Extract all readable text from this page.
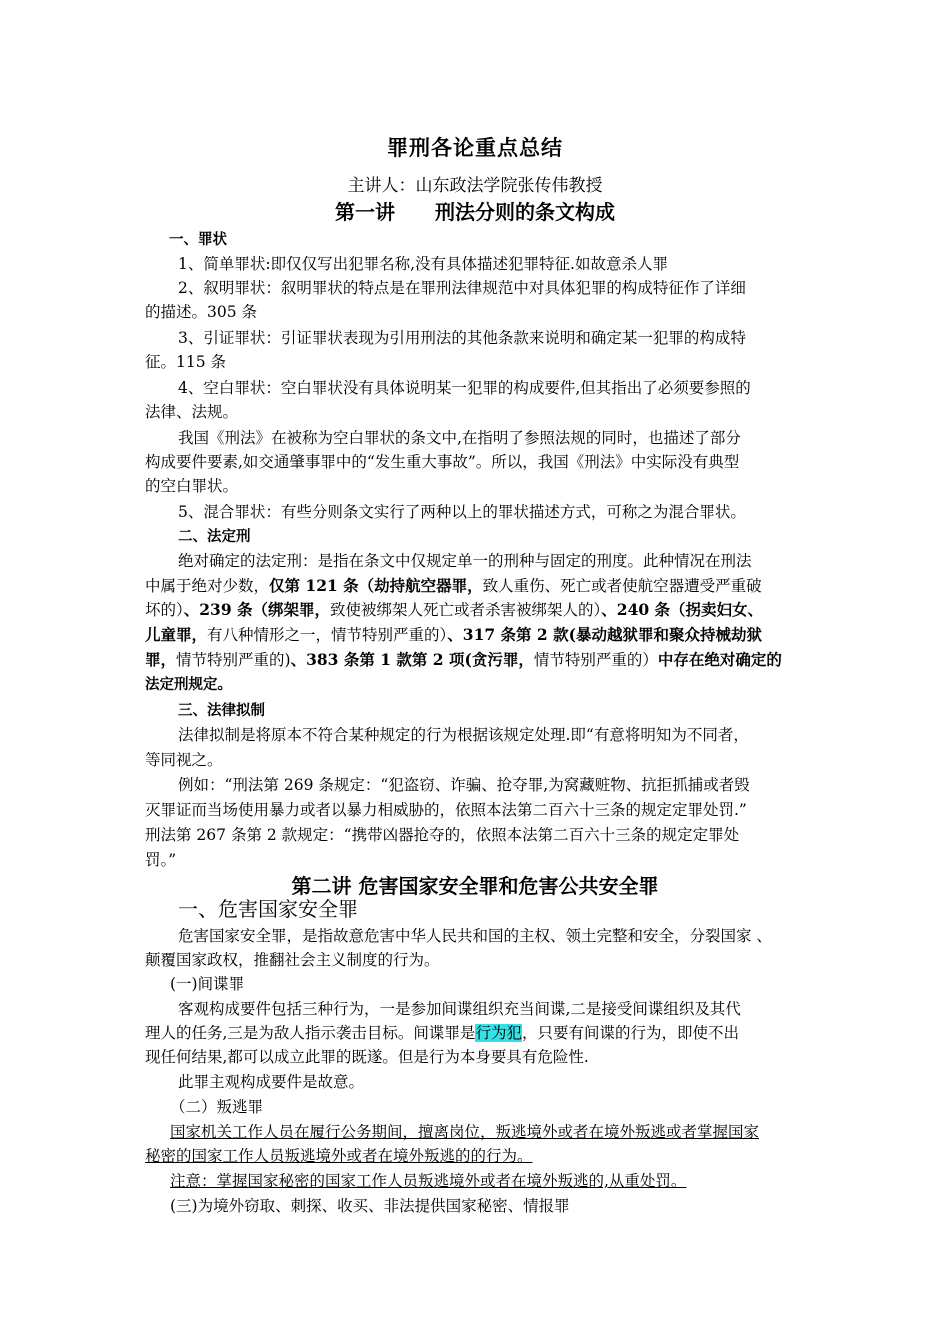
罪刑各论重点总结
主讲人：山东政法学院张传伟教授
第一讲　　刑法分则的条文构成
一、罪状
1、简单罪状:即仅仅写出犯罪名称,没有具体描述犯罪特征.如故意杀人罪
2、叙明罪状：叙明罪状的特点是在罪刑法律规范中对具体犯罪的构成特征作了详细
的描述。305 条
3、引证罪状：引证罪状表现为引用刑法的其他条款来说明和确定某一犯罪的构成特
征。115 条
4、空白罪状：空白罪状没有具体说明某一犯罪的构成要件,但其指出了必须要参照的
法律、法规。
我国《刑法》在被称为空白罪状的条文中,在指明了参照法规的同时，也描述了部分
构成要件要素,如交通肇事罪中的“发生重大事故”。所以，我国《刑法》中实际没有典型
的空白罪状。
5、混合罪状：有些分则条文实行了两种以上的罪状描述方式，可称之为混合罪状。
二、法定刑
绝对确定的法定刑：是指在条文中仅规定单一的刑种与固定的刑度。此种情况在刑法
中属于绝对少数，仅第 121 条（劫持航空器罪，致人重伤、死亡或者使航空器遭受严重破
坏的）、239 条（绑架罪，致使被绑架人死亡或者杀害被绑架人的）、240 条（拐卖妇女、
儿童罪，有八种情形之一，情节特别严重的）、317 条第 2 款(暴动越狱罪和聚众持械劫狱
罪，情节特别严重的)、383 条第 1 款第 2 项(贪污罪，情节特别严重的）中存在绝对确定的
法定刑规定。
三、法律拟制
法律拟制是将原本不符合某种规定的行为根据该规定处理.即“有意将明知为不同者，
等同视之。
例如：“刑法第 269 条规定：“犯盗窃、诈骗、抢夺罪,为窝藏赃物、抗拒抓捕或者毁
灭罪证而当场使用暴力或者以暴力相威胁的，依照本法第二百六十三条的规定定罪处罚.”
刑法第 267 条第 2 款规定：“携带凶器抢夺的，依照本法第二百六十三条的规定定罪处
罚。”
第二讲 危害国家安全罪和危害公共安全罪
一、危害国家安全罪
危害国家安全罪，是指故意危害中华人民共和国的主权、领土完整和安全，分裂国家 、
颠覆国家政权，推翻社会主义制度的行为。
(一)间谍罪
客观构成要件包括三种行为，一是参加间谍组织充当间谍,二是接受间谍组织及其代
理人的任务,三是为敌人指示袭击目标。间谍罪是行为犯，只要有间谍的行为，即使不出
现任何结果,都可以成立此罪的既遂。但是行为本身要具有危险性.
此罪主观构成要件是故意。
（二）叛逃罪
国家机关工作人员在履行公务期间，擅离岗位，叛逃境外或者在境外叛逃或者掌握国家
秘密的国家工作人员叛逃境外或者在境外叛逃的的行为。
注意：掌握国家秘密的国家工作人员叛逃境外或者在境外叛逃的,从重处罚。
(三)为境外窃取、刺探、收买、非法提供国家秘密、情报罪
